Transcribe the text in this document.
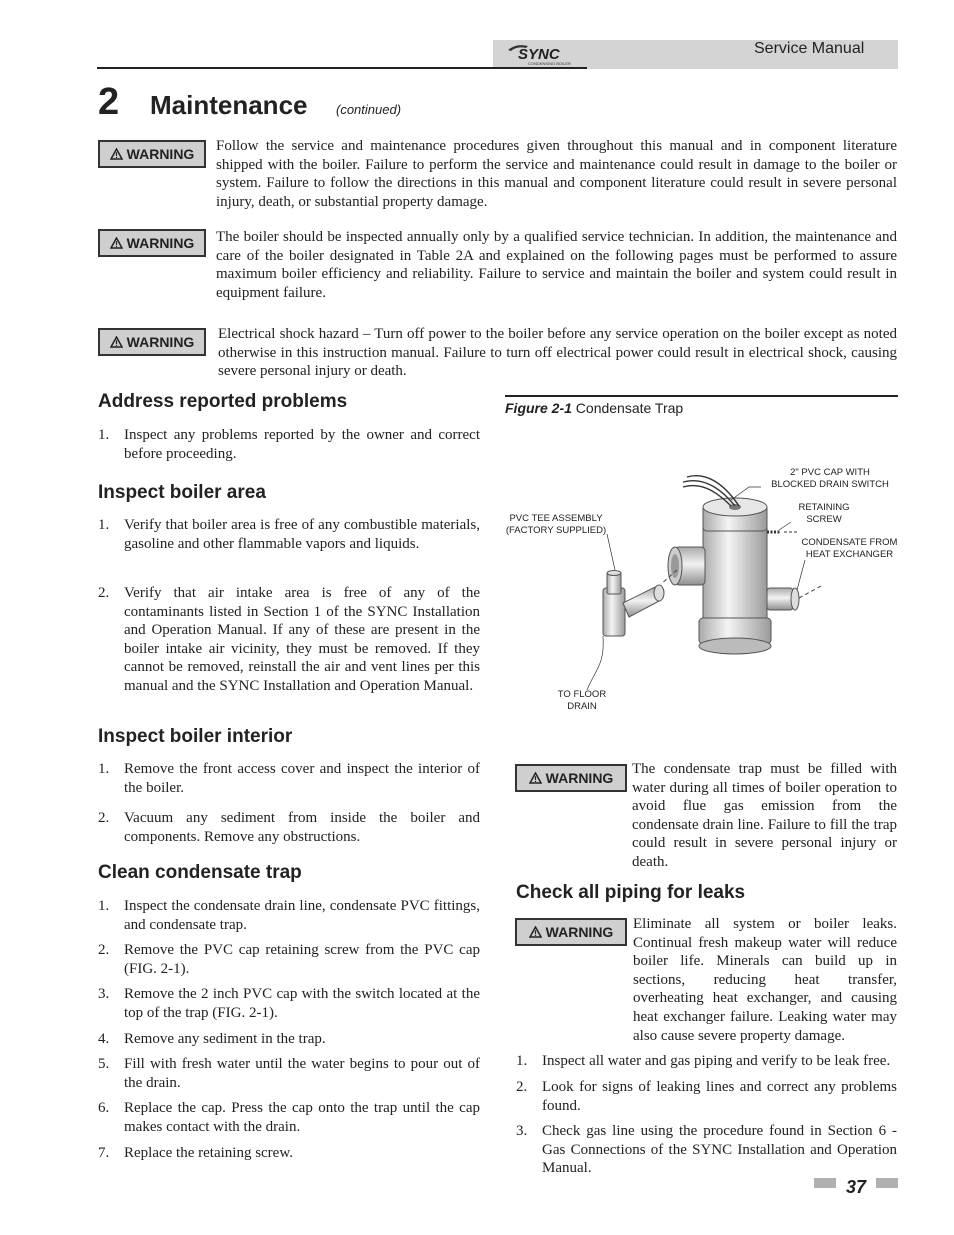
SYNC
CONDENSING BOILER
Service Manual
2 Maintenance (continued)
WARNING Follow the service and maintenance procedures given throughout this manual and in component literature shipped with the boiler. Failure to perform the service and maintenance could result in damage to the boiler or system. Failure to follow the directions in this manual and component literature could result in severe personal injury, death, or substantial property damage.
WARNING The boiler should be inspected annually only by a qualified service technician. In addition, the maintenance and care of the boiler designated in Table 2A and explained on the following pages must be performed to assure maximum boiler efficiency and reliability. Failure to service and maintain the boiler and system could result in equipment failure.
WARNING Electrical shock hazard – Turn off power to the boiler before any service operation on the boiler except as noted otherwise in this instruction manual. Failure to turn off electrical power could result in electrical shock, causing severe personal injury or death.
Address reported problems
1. Inspect any problems reported by the owner and correct before proceeding.
Inspect boiler area
1. Verify that boiler area is free of any combustible materials, gasoline and other flammable vapors and liquids.
2. Verify that air intake area is free of any of the contaminants listed in Section 1 of the SYNC Installation and Operation Manual. If any of these are present in the boiler intake air vicinity, they must be removed. If they cannot be removed, reinstall the air and vent lines per this manual and the SYNC Installation and Operation Manual.
Inspect boiler interior
1. Remove the front access cover and inspect the interior of the boiler.
2. Vacuum any sediment from inside the boiler and components. Remove any obstructions.
Clean condensate trap
1. Inspect the condensate drain line, condensate PVC fittings, and condensate trap.
2. Remove the PVC cap retaining screw from the PVC cap (FIG. 2-1).
3. Remove the 2 inch PVC cap with the switch located at the top of the trap (FIG. 2-1).
4. Remove any sediment in the trap.
5. Fill with fresh water until the water begins to pour out of the drain.
6. Replace the cap. Press the cap onto the trap until the cap makes contact with the drain.
7. Replace the retaining screw.
Figure 2-1 Condensate Trap
2" PVC CAP WITH
BLOCKED DRAIN SWITCH
RETAINING
SCREW
PVC TEE ASSEMBLY
(FACTORY SUPPLIED)
CONDENSATE FROM
HEAT EXCHANGER
TO FLOOR
DRAIN
WARNING
The condensate trap must be filled with water during all times of boiler operation to avoid flue gas emission from the condensate drain line. Failure to fill the trap could result in severe personal injury or death.
Check all piping for leaks
WARNING Eliminate all system or boiler leaks. Continual fresh makeup water will reduce boiler life. Minerals can build up in sections, reducing heat transfer, overheating heat exchanger, and causing heat exchanger failure. Leaking water may also cause severe property damage.
1. Inspect all water and gas piping and verify to be leak free.
2. Look for signs of leaking lines and correct any problems found.
3. Check gas line using the procedure found in Section 6 - Gas Connections of the SYNC Installation and Operation Manual.
37
